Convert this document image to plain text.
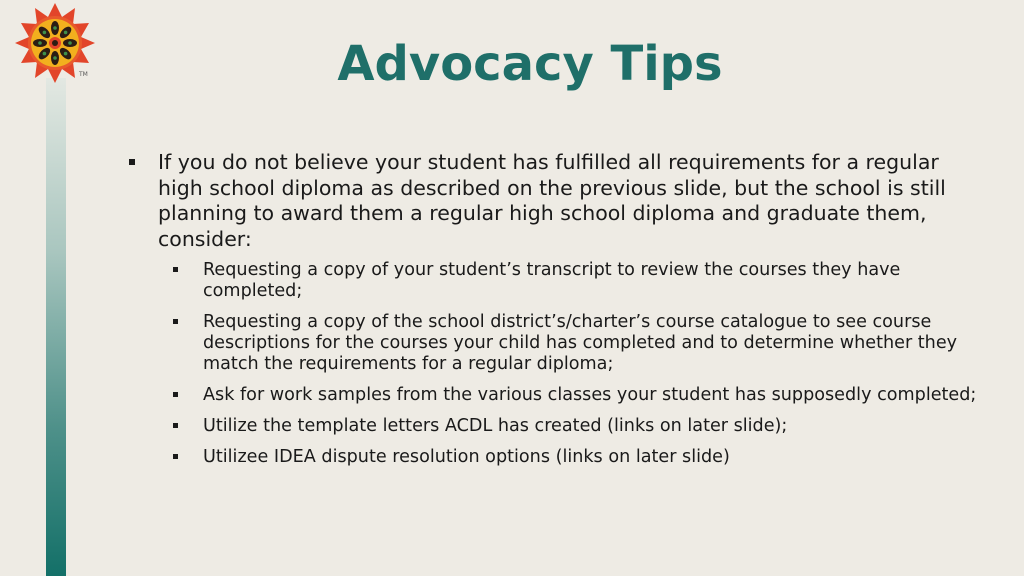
TM	Advocacy Tips
If you do not believe your student has fulfilled all requirements for a regular high school diploma as described on the previous slide, but the school is still planning to award them a regular high school diploma and graduate them, consider:
Requesting a copy of your student’s transcript to review the courses they have completed;
Requesting a copy of the school district’s/charter’s course catalogue to see course descriptions for the courses your child has completed and to determine whether they match the requirements for a regular diploma;
Ask for work samples from the various classes your student has supposedly completed;
Utilize the template letters ACDL has created (links on later slide);
Utilizee IDEA dispute resolution options (links on later slide)
